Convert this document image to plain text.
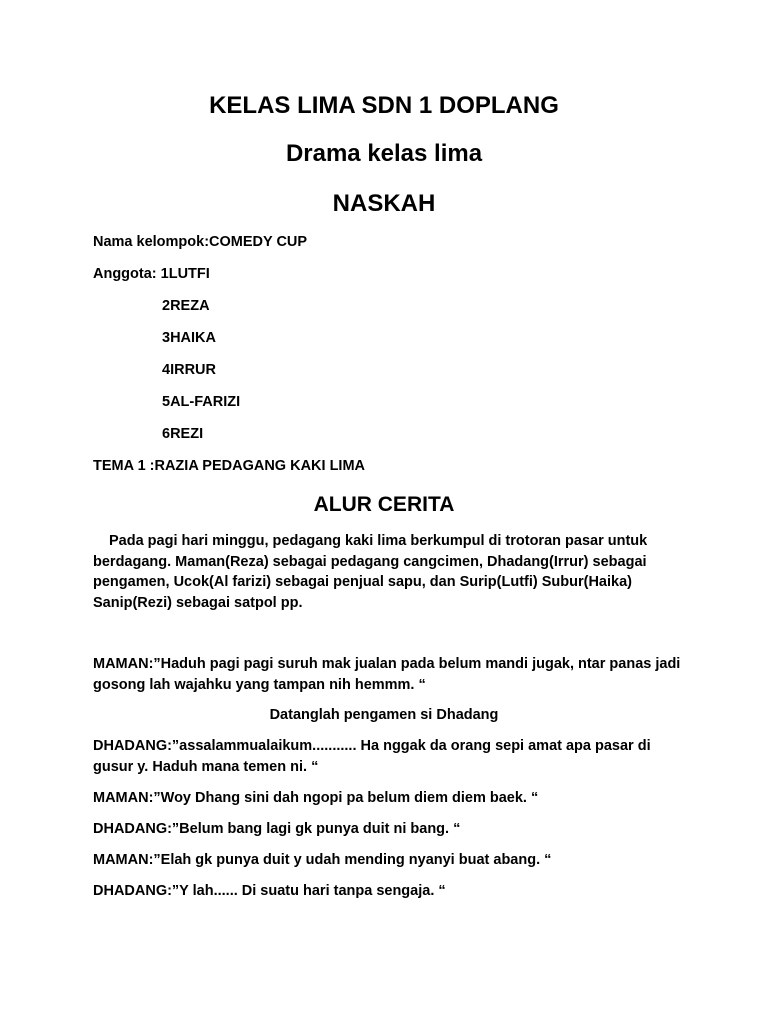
KELAS LIMA SDN 1 DOPLANG
Drama kelas lima
NASKAH
Nama kelompok:COMEDY CUP
Anggota: 1LUTFI
2REZA
3HAIKA
4IRRUR
5AL-FARIZI
6REZI
TEMA 1 :RAZIA PEDAGANG KAKI LIMA
ALUR CERITA
Pada pagi hari minggu, pedagang kaki lima berkumpul di trotoran pasar untuk berdagang. Maman(Reza) sebagai pedagang cangcimen, Dhadang(Irrur) sebagai pengamen, Ucok(Al farizi) sebagai penjual sapu, dan Surip(Lutfi) Subur(Haika) Sanip(Rezi) sebagai satpol pp.
MAMAN:”Haduh pagi pagi suruh mak jualan pada belum mandi jugak, ntar panas jadi gosong lah wajahku yang tampan nih hemmm. “
Datanglah pengamen si Dhadang
DHADANG:”assalammualaikum........... Ha nggak da orang sepi amat apa pasar di gusur y. Haduh mana temen ni. “
MAMAN:”Woy Dhang sini dah ngopi pa belum diem diem baek. “
DHADANG:”Belum bang lagi gk punya duit ni bang. “
MAMAN:”Elah gk punya duit y udah mending nyanyi buat abang. “
DHADANG:”Y lah...... Di suatu hari tanpa sengaja. “
